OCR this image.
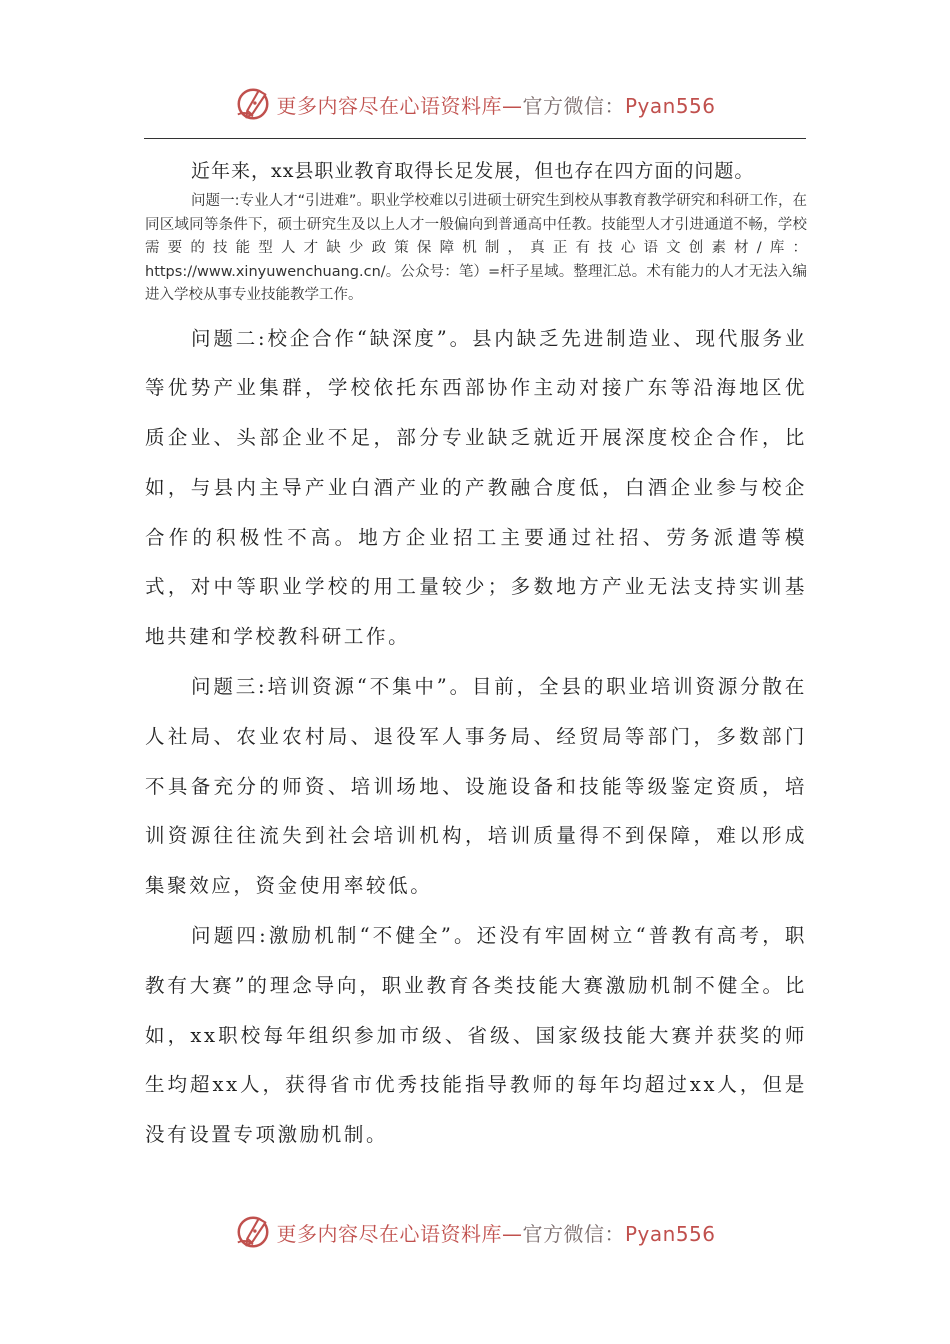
更多内容尽在心语资料库—官方微信：Pyan556

近年来，xx县职业教育取得长足发展，但也存在四方面的问题。

问题一:专业人才“引进难”。职业学校难以引进硕士研究生到校从事教育教学研究和科研工作，在同区域同等条件下，硕士研究生及以上人才一般偏向到普通高中任教。技能型人才引进通道不畅，学校需要的技能型人才缺少政策保障机制，真正有技心语文创素材/库：https://www.xinyuwenchuang.cn/。公众号：笔）=杆子星域。整理汇总。术有能力的人才无法入编进入学校从事专业技能教学工作。

问题二:校企合作“缺深度”。县内缺乏先进制造业、现代服务业等优势产业集群，学校依托东西部协作主动对接广东等沿海地区优质企业、头部企业不足，部分专业缺乏就近开展深度校企合作，比如，与县内主导产业白酒产业的产教融合度低，白酒企业参与校企合作的积极性不高。地方企业招工主要通过社招、劳务派遣等模式，对中等职业学校的用工量较少；多数地方产业无法支持实训基地共建和学校教科研工作。

问题三:培训资源“不集中”。目前，全县的职业培训资源分散在人社局、农业农村局、退役军人事务局、经贸局等部门，多数部门不具备充分的师资、培训场地、设施设备和技能等级鉴定资质，培训资源往往流失到社会培训机构，培训质量得不到保障，难以形成集聚效应，资金使用率较低。

问题四:激励机制“不健全”。还没有牢固树立“普教有高考，职教有大赛”的理念导向，职业教育各类技能大赛激励机制不健全。比如，xx职校每年组织参加市级、省级、国家级技能大赛并获奖的师生均超xx人，获得省市优秀技能指导教师的每年均超过xx人，但是没有设置专项激励机制。

更多内容尽在心语资料库—官方微信：Pyan556
